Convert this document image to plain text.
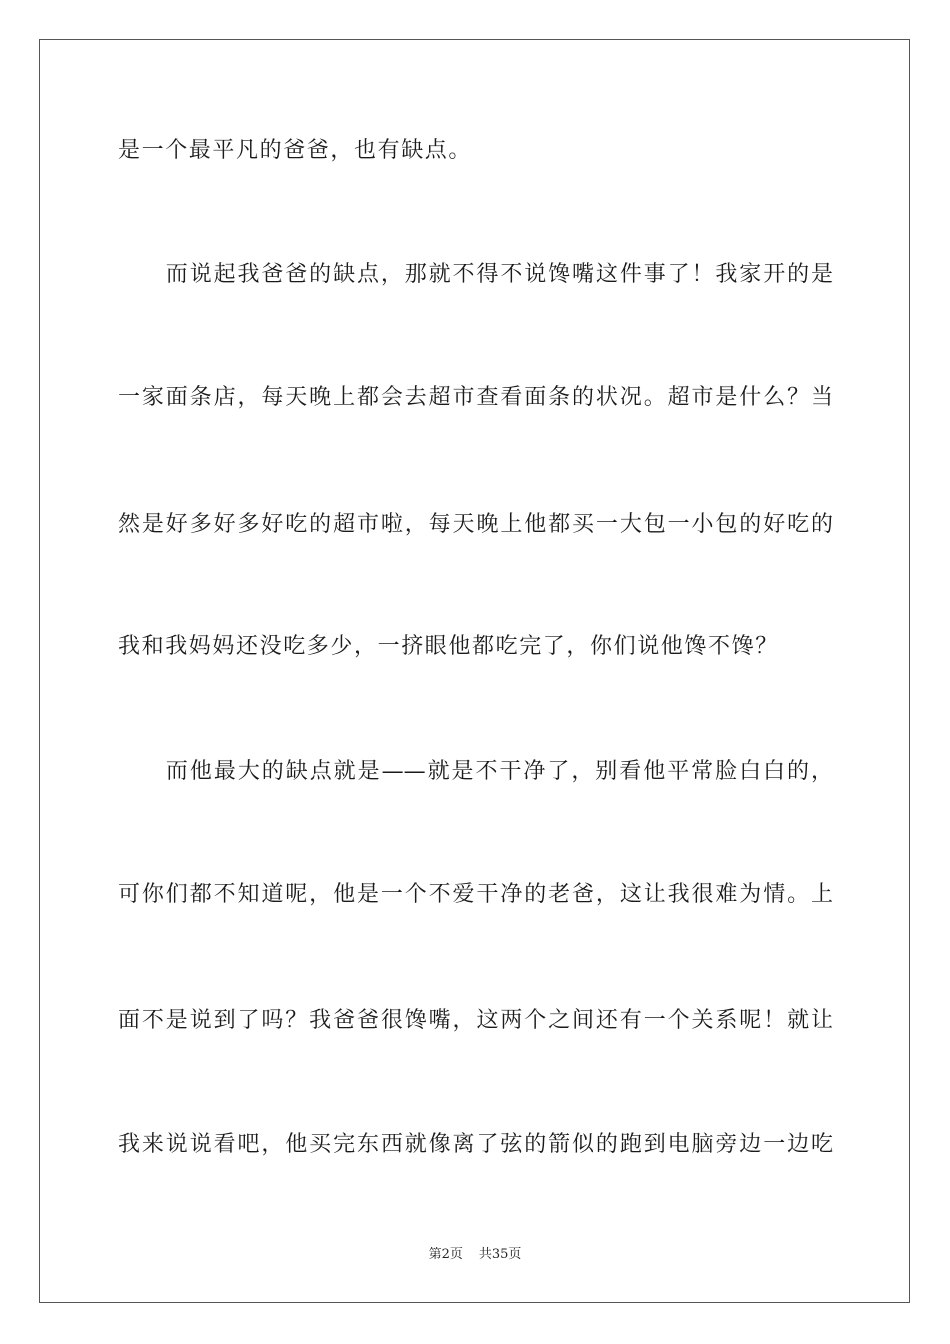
是一个最平凡的爸爸，也有缺点。
　　而说起我爸爸的缺点，那就不得不说馋嘴这件事了！我家开的是
一家面条店，每天晚上都会去超市查看面条的状况。超市是什么？当
然是好多好多好吃的超市啦，每天晚上他都买一大包一小包的好吃的
我和我妈妈还没吃多少，一挤眼他都吃完了，你们说他馋不馋？
　　而他最大的缺点就是——就是不干净了，别看他平常脸白白的，
可你们都不知道呢，他是一个不爱干净的老爸，这让我很难为情。上
面不是说到了吗？我爸爸很馋嘴，这两个之间还有一个关系呢！就让
我来说说看吧，他买完东西就像离了弦的箭似的跑到电脑旁边一边吃
第2页 共35页
